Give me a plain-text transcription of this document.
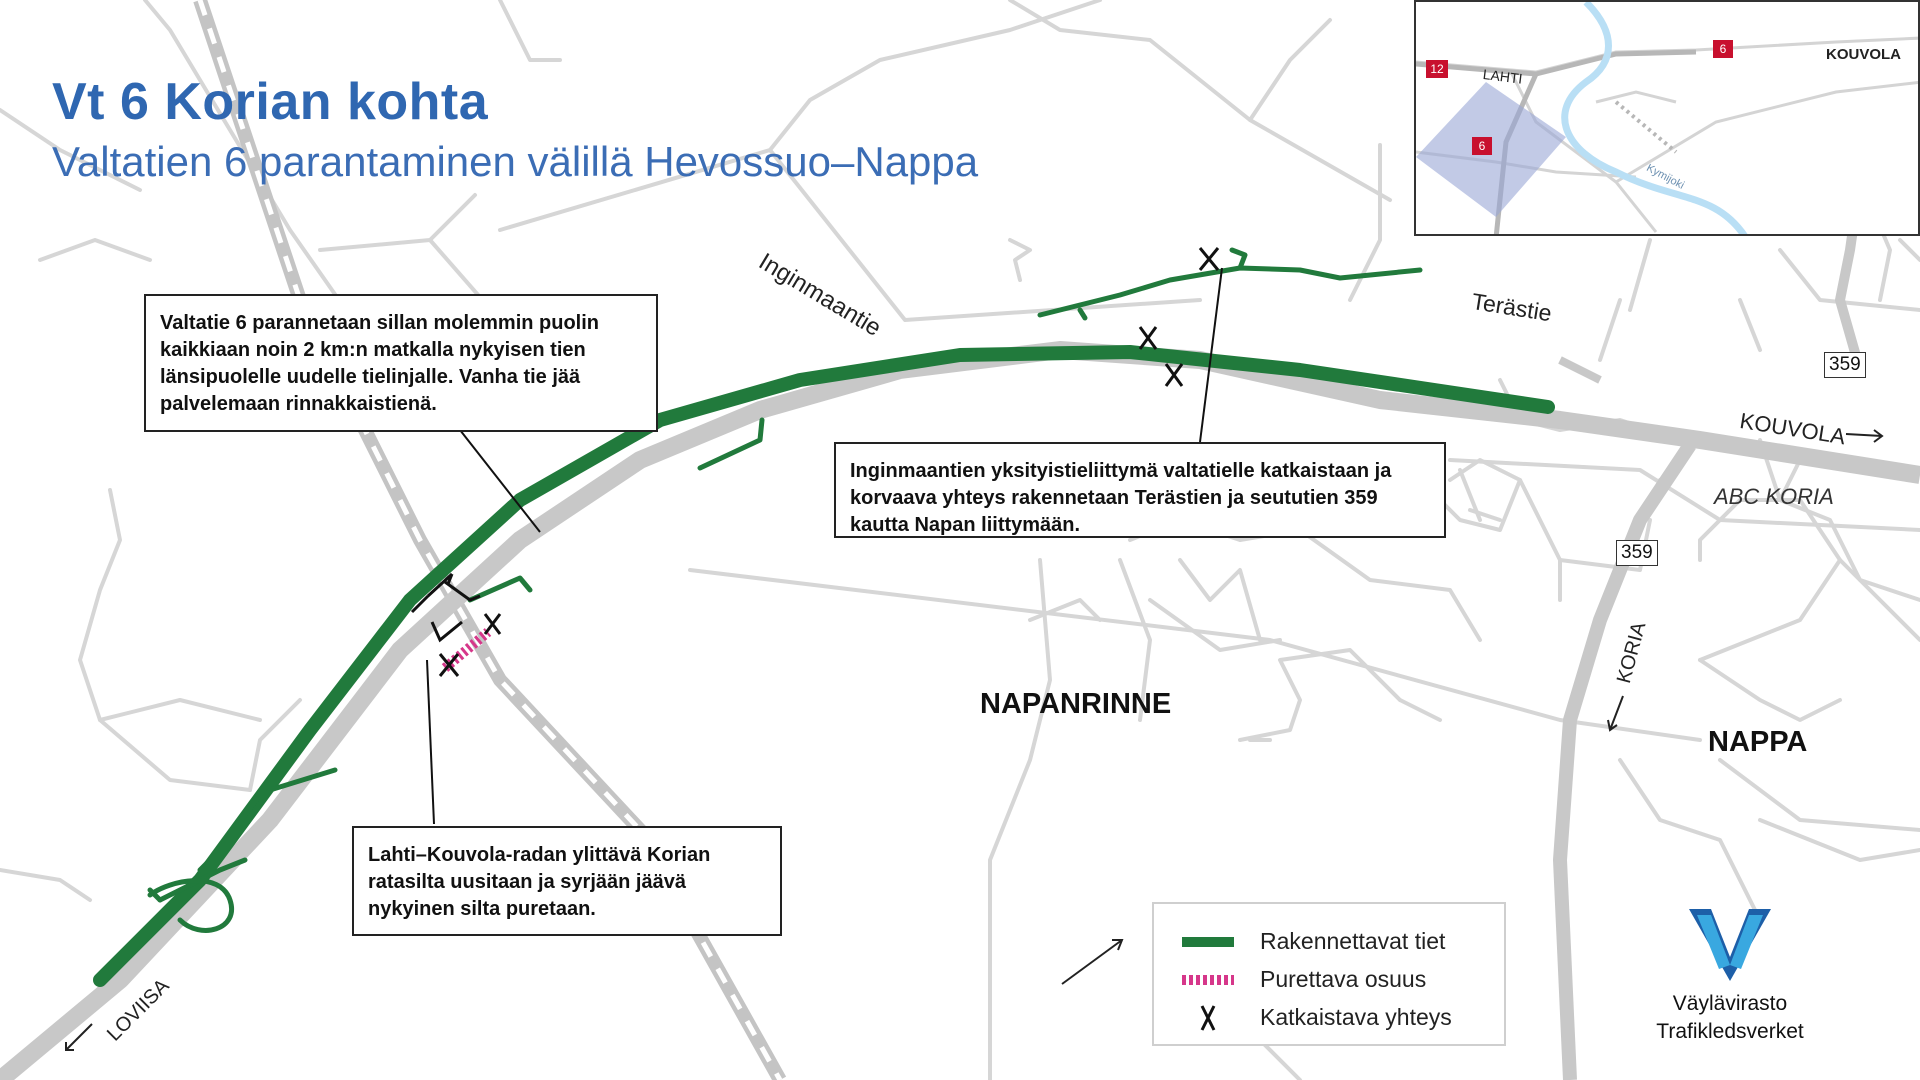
Vt 6 Korian kohta
Valtatien 6 parantaminen välillä Hevossuo–Nappa
Inginmaantie	Terästie
KOUVOLA
LOVIISA
KORIA
ABC KORIA
NAPANRINNE
NAPPA
359
359
Valtatie 6 parannetaan sillan molemmin puolin kaikkiaan noin 2 km:n matkalla nykyisen tien länsipuolelle uudelle tielinjalle. Vanha tie jää palvelemaan rinnakkaistienä.
Inginmaantien yksityistieliittymä valtatielle katkaistaan ja korvaava yhteys rakennetaan Terästien ja seututien 359 kautta Napan liittymään.
Lahti–Kouvola-radan ylittävä Korian ratasilta uusitaan ja syrjään jäävä nykyinen silta puretaan.
KOUVOLA
LAHTI
Kymijoki
12
6
6
Rakennettavat tiet
Purettava osuus
Katkaistava yhteys
Väylävirasto
Trafikledsverket
